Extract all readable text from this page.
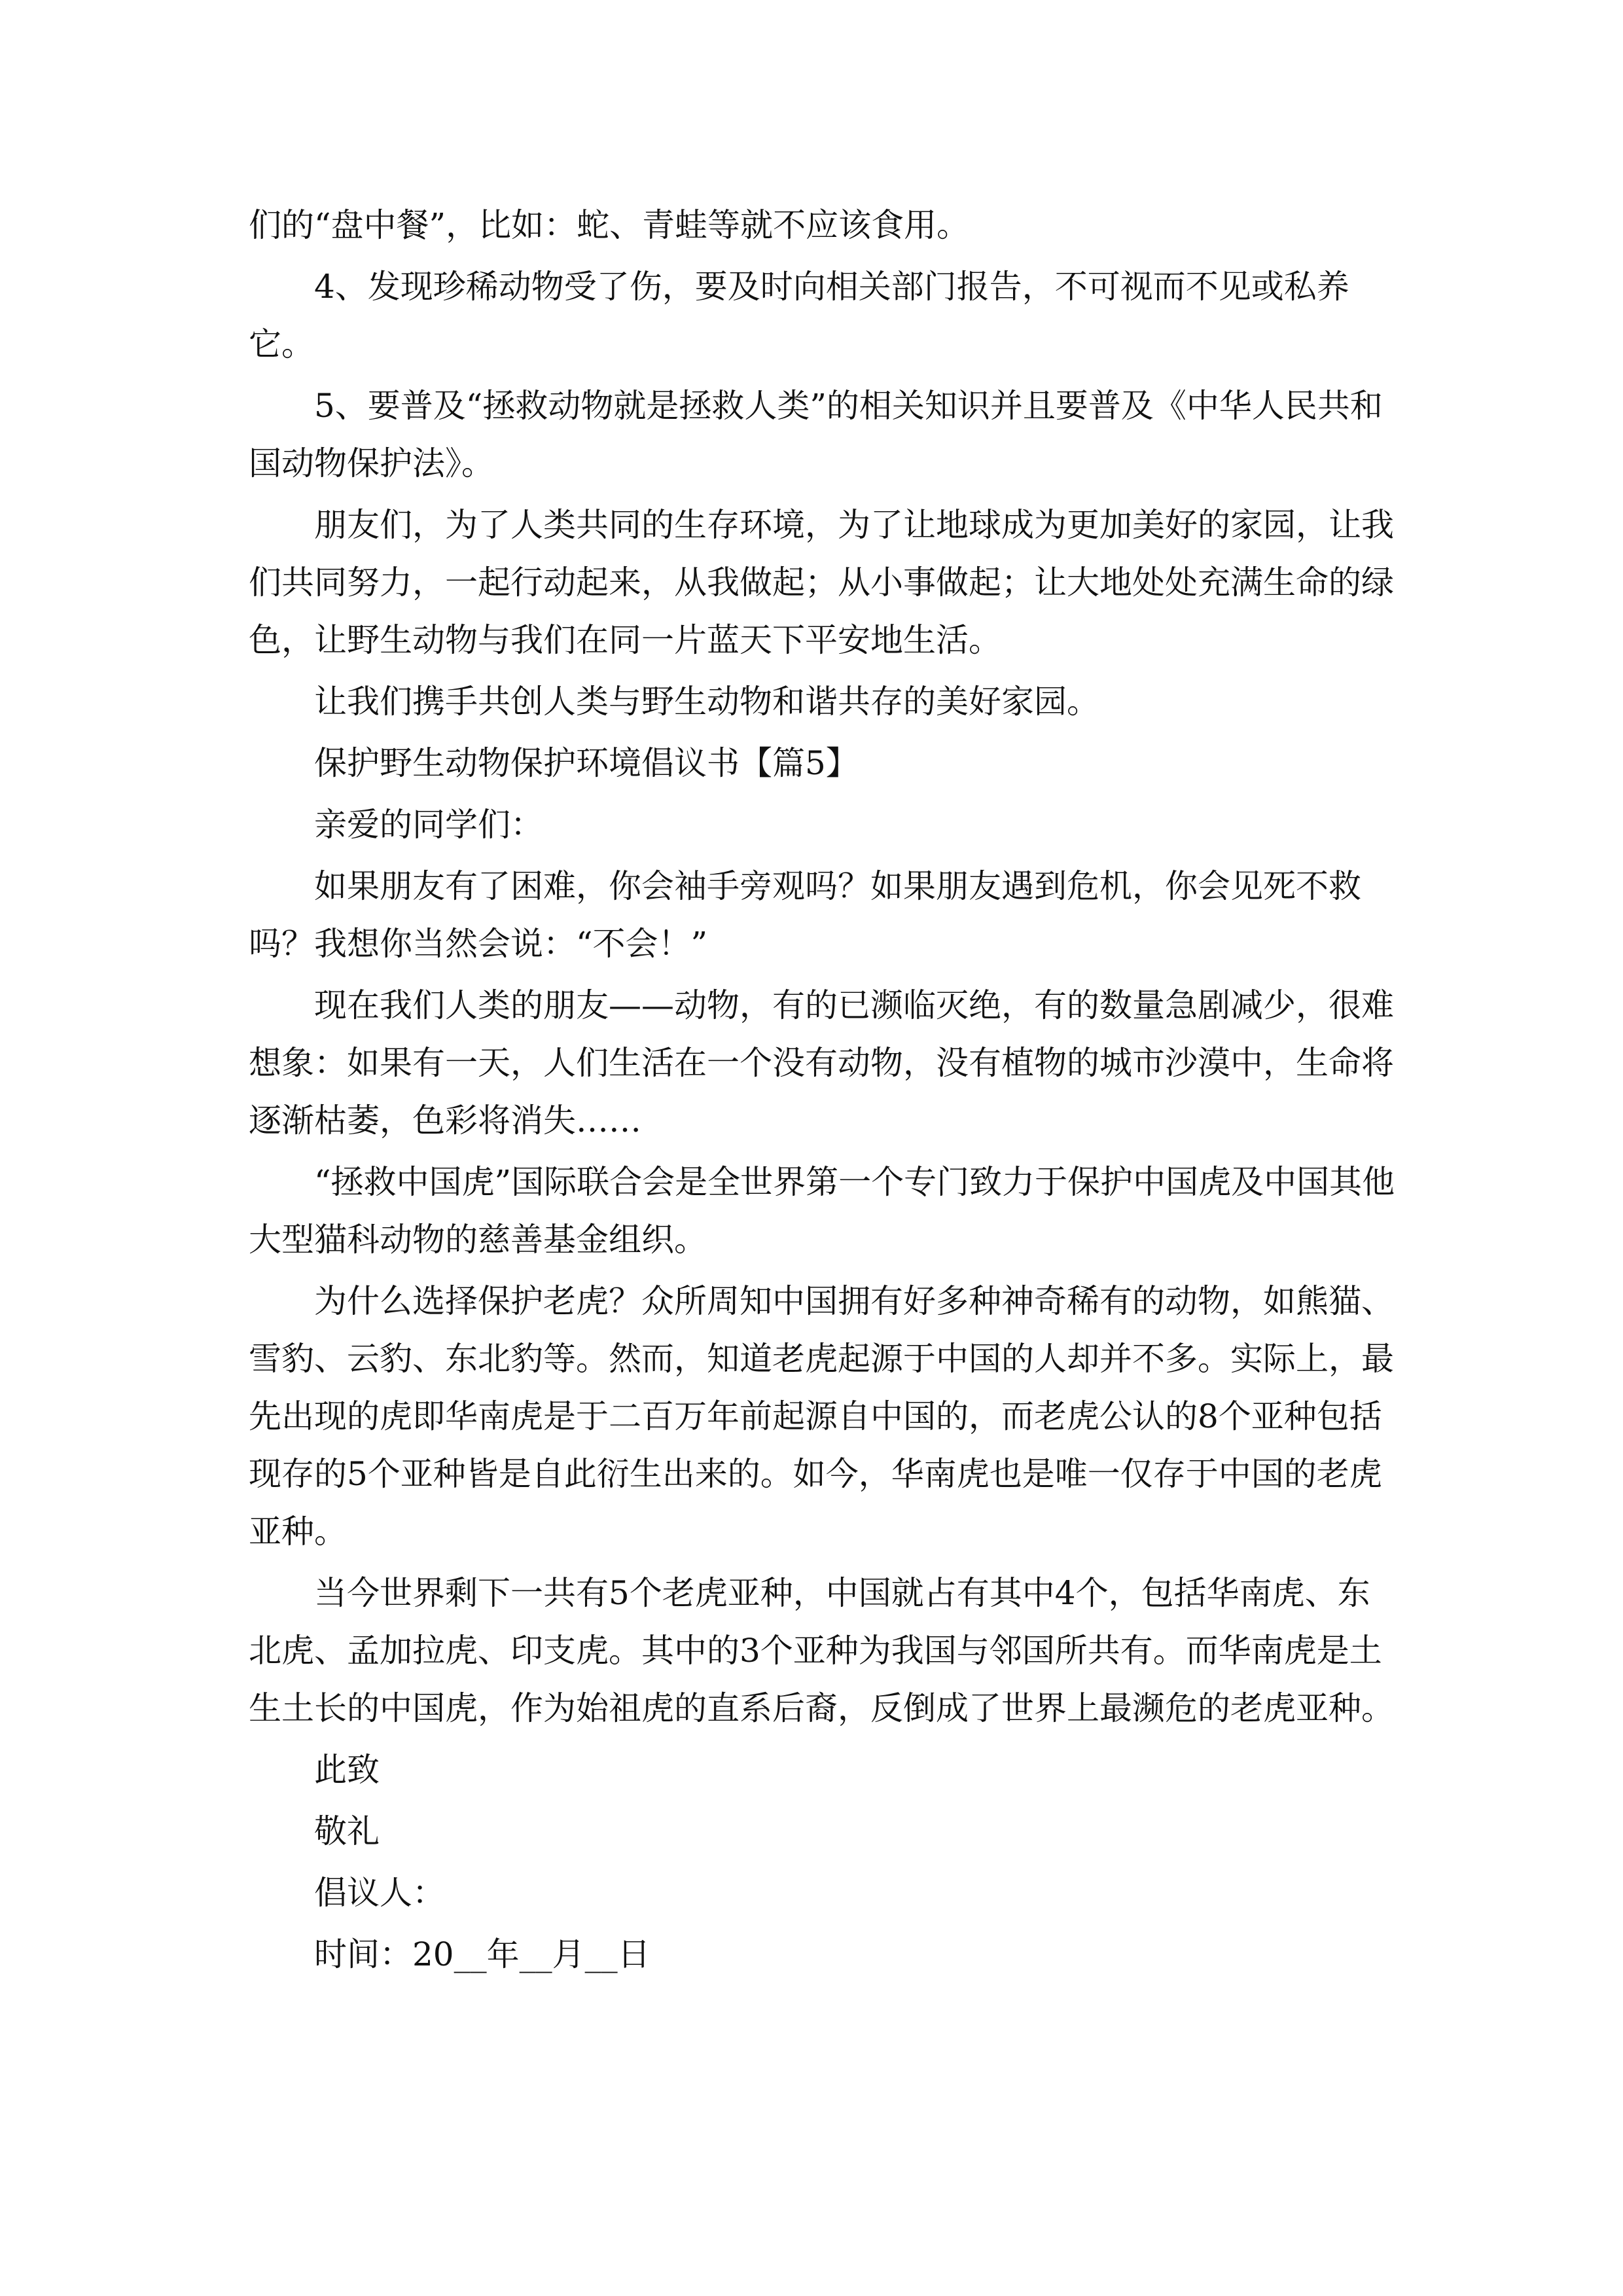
们的“盘中餐”，比如：蛇、青蛙等就不应该食用。

4、发现珍稀动物受了伤，要及时向相关部门报告，不可视而不见或私养它。

5、要普及“拯救动物就是拯救人类”的相关知识并且要普及《中华人民共和国动物保护法》。

朋友们，为了人类共同的生存环境，为了让地球成为更加美好的家园，让我们共同努力，一起行动起来，从我做起；从小事做起；让大地处处充满生命的绿色，让野生动物与我们在同一片蓝天下平安地生活。

让我们携手共创人类与野生动物和谐共存的美好家园。

保护野生动物保护环境倡议书【篇5】

亲爱的同学们：

如果朋友有了困难，你会袖手旁观吗？如果朋友遇到危机，你会见死不救吗？我想你当然会说：“不会！”

现在我们人类的朋友——动物，有的已濒临灭绝，有的数量急剧减少，很难想象：如果有一天，人们生活在一个没有动物，没有植物的城市沙漠中，生命将逐渐枯萎，色彩将消失……

“拯救中国虎”国际联合会是全世界第一个专门致力于保护中国虎及中国其他大型猫科动物的慈善基金组织。

为什么选择保护老虎？众所周知中国拥有好多种神奇稀有的动物，如熊猫、雪豹、云豹、东北豹等。然而，知道老虎起源于中国的人却并不多。实际上，最先出现的虎即华南虎是于二百万年前起源自中国的，而老虎公认的8个亚种包括现存的5个亚种皆是自此衍生出来的。如今，华南虎也是唯一仅存于中国的老虎亚种。

当今世界剩下一共有5个老虎亚种，中国就占有其中4个，包括华南虎、东北虎、孟加拉虎、印支虎。其中的3个亚种为我国与邻国所共有。而华南虎是土生土长的中国虎，作为始祖虎的直系后裔，反倒成了世界上最濒危的老虎亚种。

此致

敬礼

倡议人：

时间：20__年__月__日
